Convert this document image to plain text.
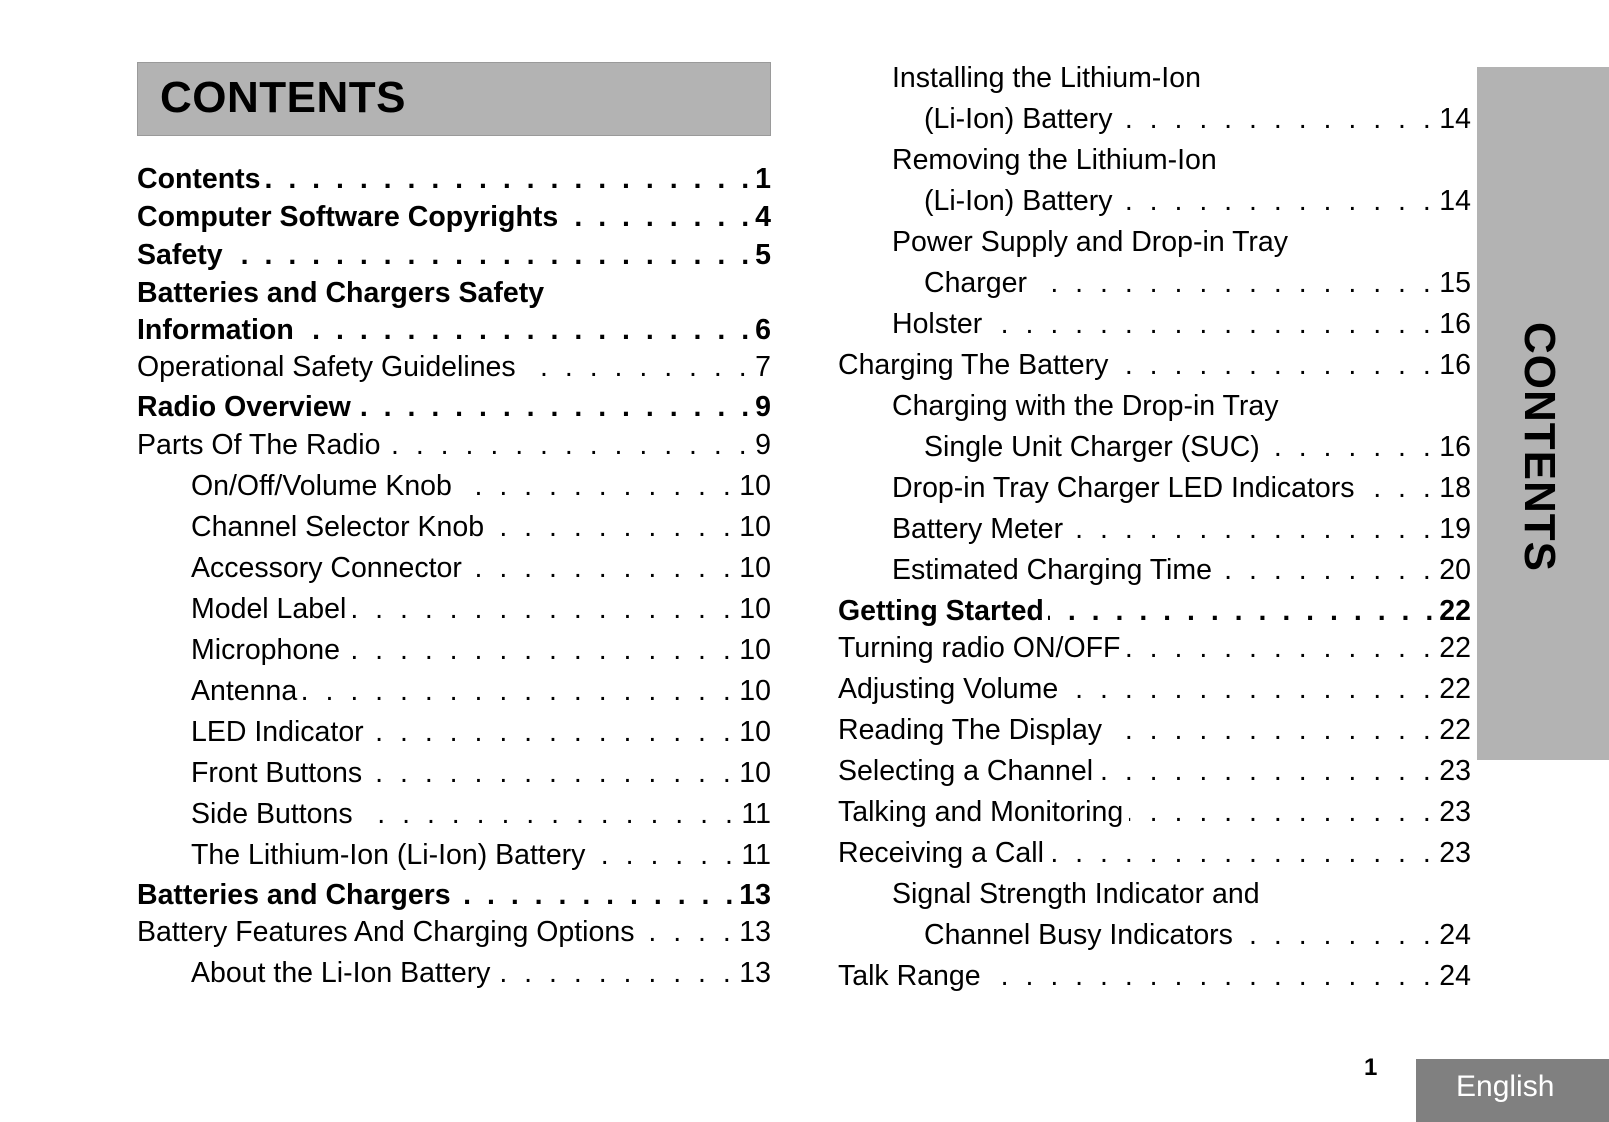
CONTENTS
Contents . . .	1
Computer Software Copyrights . . .	4
Safety . . .	5
Batteries and Chargers Safety
Information . . .	6
Operational Safety Guidelines . . .	7
Radio Overview . . .	9
Parts Of The Radio . . .	9
On/Off/Volume Knob . . .	10
Channel Selector Knob . . .	10
Accessory Connector . . .	10
Model Label . . .	10
Microphone . . .	10
Antenna . . .	10
LED Indicator . . .	10
Front Buttons . . .	10
Side Buttons . . .	11
The Lithium-Ion (Li-Ion) Battery . . .	11
Batteries and Chargers . . .	13
Battery Features And Charging Options . . .	13
About the Li-Ion Battery . . .	13
Installing the Lithium-Ion
(Li-Ion) Battery . . .	14
Removing the Lithium-Ion
(Li-Ion) Battery . . .	14
Power Supply and Drop-in Tray
Charger . . .	15
Holster . . .	16
Charging The Battery . . .	16
Charging with the Drop-in Tray
Single Unit Charger (SUC) . . .	16
Drop-in Tray Charger LED Indicators . . .	18
Battery Meter . . .	19
Estimated Charging Time . . .	20
Getting Started . . .	22
Turning radio ON/OFF . . .	22
Adjusting Volume . . .	22
Reading The Display . . .	22
Selecting a Channel . . .	23
Talking and Monitoring . . .	23
Receiving a Call . . .	23
Signal Strength Indicator and
Channel Busy Indicators . . .	24
Talk Range . . .	24
CONTENTS
1
English
